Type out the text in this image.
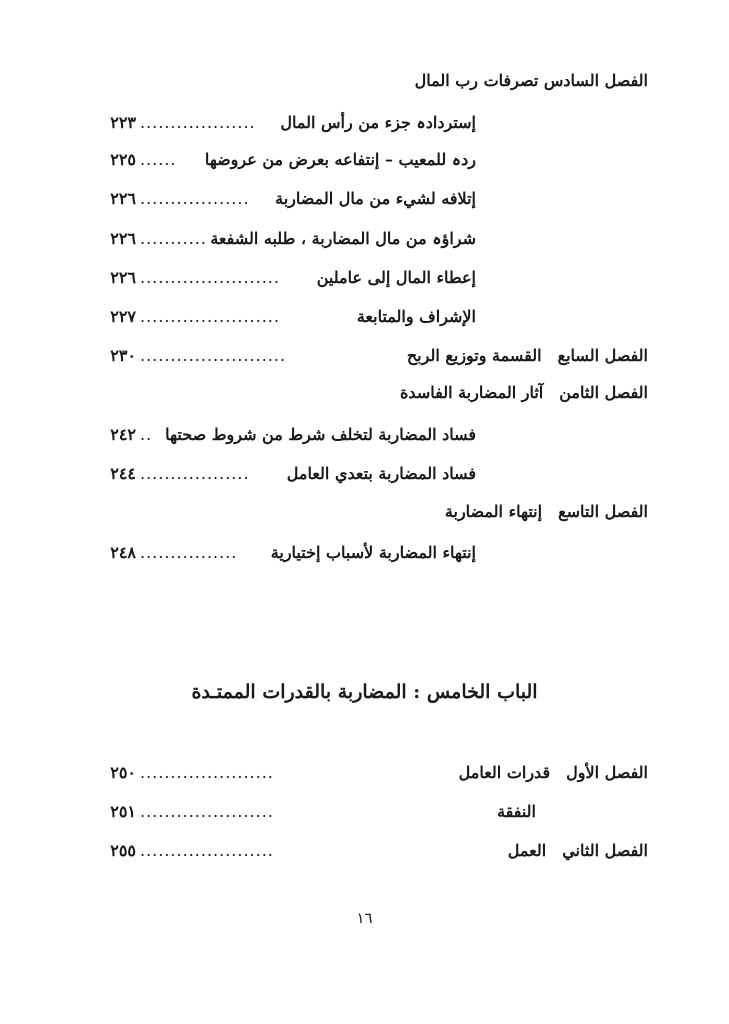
الفصل السادس تصرفات رب المال
إستردادہ جزء من رأس المال
...................
٢٢٣
ردہ للمعيب – إنتفاعه بعرض من عروضها
......
٢٢٥
إتلافه لشيء من مال المضاربة
..................
٢٢٦
شراؤہ من مال المضاربة ، طلبه الشفعة
...........
٢٢٦
إعطاء المال إلى عاملين
.......................
٢٢٦
الإشراف والمتابعة
.......................
٢٢٧
الفصل السابعالقسمة وتوزيع الربح
........................
٢٣٠
الفصل الثامنآثار المضاربة الفاسدة
فساد المضاربة لتخلف شرط من شروط صحتها
..
٢٤٢
فساد المضاربة بتعدي العامل
..................
٢٤٤
الفصل التاسعإنتهاء المضاربة
إنتهاء المضاربة لأسباب إختيارية
................
٢٤٨
الباب الخامس : المضاربة بالقدرات الممتـدة
الفصل الأولقدرات العامل
......................
٢٥٠
النفقة
......................
٢٥١
الفصل الثانيالعمل
......................
٢٥٥
١٦
